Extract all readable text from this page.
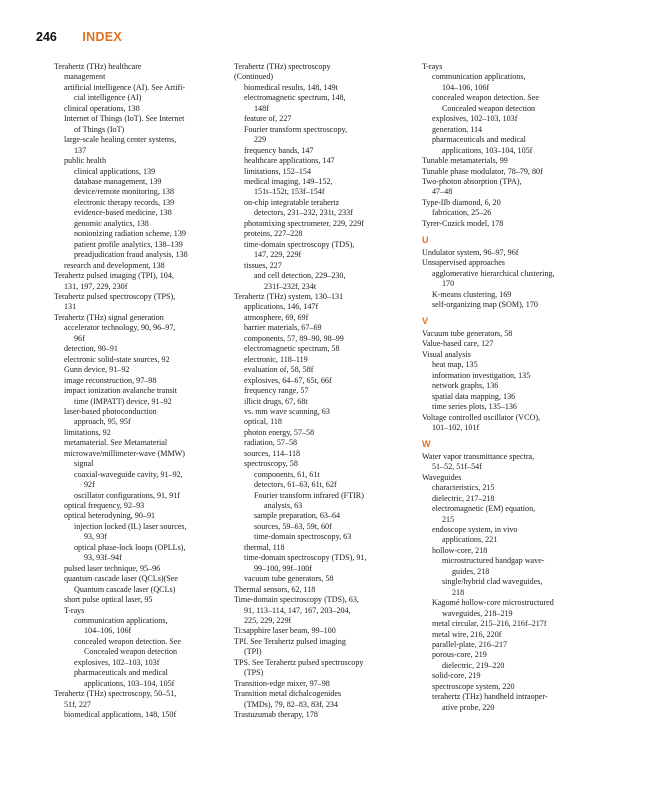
246 INDEX
Terahertz (THz) healthcare
management
artificial intelligence (AI). See Artifi-
cial intelligence (AI)
clinical operations, 138
Internet of Things (IoT). See Internet
of Things (IoT)
large-scale healing center systems,
137
public health
clinical applications, 139
database management, 139
device/remote monitoring, 138
electronic therapy records, 139
evidence-based medicine, 138
genomic analytics, 138
nonionizing radiation scheme, 139
patient profile analytics, 138–139
preadjudication fraud analysis, 138
research and development, 138
Terahertz pulsed imaging (TPI), 104,
131, 197, 229, 230f
Terahertz pulsed spectroscopy (TPS),
131
Terahertz (THz) signal generation
accelerator technology, 90, 96–97,
96f
detection, 90–91
electronic solid-state sources, 92
Gunn device, 91–92
image reconstruction, 97–98
impact ionization avalanche transit
time (IMPATT) device, 91–92
laser-based photoconduction
approach, 95, 95f
limitations, 92
metamaterial. See Metamaterial
microwave/millimeter-wave (MMW)
signal
coaxial-waveguide cavity, 91–92,
92f
oscillator configurations, 91, 91f
optical frequency, 92–93
optical heterodyning, 90–91
injection locked (IL) laser sources,
93, 93f
optical phase-lock loops (OPLLs),
93, 93f–94f
pulsed laser technique, 95–96
quantum cascade laser (QCLs)(See
Quantum cascade laser (QCLs)
short pulse optical laser, 95
T-rays
communication applications,
104–106, 106f
concealed weapon detection. See
Concealed weapon detection
explosives, 102–103, 103f
pharmaceuticals and medical
applications, 103–104, 105f
Terahertz (THz) spectroscopy, 50–51,
51f, 227
biomedical applications, 148, 150f
Terahertz (THz) spectroscopy
(Continued)
biomedical results, 148, 149t
electromagnetic spectrum, 148,
148f
feature of, 227
Fourier transform spectroscopy,
229
frequency bands, 147
healthcare applications, 147
limitations, 152–154
medical imaging, 149–152,
151t–152t, 153f–154f
on-chip integratable terahertz
detectors, 231–232, 231t, 233f
photomixing spectrometer, 229, 229f
proteins, 227–228
time-domain spectroscopy (TDS),
147, 229, 229f
tissues, 227
and cell detection, 229–230,
231f–232f, 234t
Terahertz (THz) system, 130–131
applications, 146, 147f
atmosphere, 69, 69f
barrier materials, 67–69
components, 57, 89–90, 98–99
electromagnetic spectrum, 58
electronic, 118–119
evaluation of, 58, 58f
explosives, 64–67, 65t, 66f
frequency range, 57
illicit drugs, 67, 68t
vs. mm wave scanning, 63
optical, 118
photon energy, 57–58
radiation, 57–58
sources, 114–118
spectroscopy, 58
components, 61, 61t
detectors, 61–63, 61t, 62f
Fourier transform infrared (FTIR)
analysis, 63
sample preparation, 63–64
sources, 59–63, 59t, 60f
time-domain spectroscopy, 63
thermal, 118
time-domain spectroscopy (TDS), 91,
99–100, 99f–100f
vacuum tube generators, 58
Thermal sensors, 62, 118
Time-domain spectroscopy (TDS), 63,
91, 113–114, 147, 167, 203–204,
225, 229, 229f
Ti:sapphire laser beam, 99–100
TPI. See Terahertz pulsed imaging
(TPI)
TPS. See Terahertz pulsed spectroscopy
(TPS)
Transition-edge mixer, 97–98
Transition metal dichalcogenides
(TMDs), 79, 82–83, 83f, 234
Trastuzumab therapy, 178
T-rays
communication applications,
104–106, 106f
concealed weapon detection. See
Concealed weapon detection
explosives, 102–103, 103f
generation, 114
pharmaceuticals and medical
applications, 103–104, 105f
Tunable metamaterials, 99
Tunable phase modulator, 78–79, 80f
Two-photon absorption (TPA),
47–48
Type-IIb diamond, 6, 20
fabrication, 25–26
Tyrer-Cuzick model, 178
U
Undulator system, 96–97, 96f
Unsupervised approaches
agglomerative hierarchical clustering,
170
K-means clustering, 169
self-organizing map (SOM), 170
V
Vacuum tube generators, 58
Value-based care, 127
Visual analysis
heat map, 135
information investigation, 135
network graphs, 136
spatial data mapping, 136
time series plots, 135–136
Voltage controlled oscillator (VCO),
101–102, 101f
W
Water vapor transmittance spectra,
51–52, 51f–54f
Waveguides
characteristics, 215
dielectric, 217–218
electromagnetic (EM) equation,
215
endoscope system, in vivo
applications, 221
hollow-core, 218
microstructured bandgap wave-
guides, 218
single/hybrid clad waveguides,
218
Kagomé hollow-core microstructured
waveguides, 218–219
metal circular, 215–216, 216f–217f
metal wire, 216, 220f
parallel-plate, 216–217
porous-core, 219
dielectric, 219–220
solid-core, 219
spectroscope system, 220
terahertz (THz) handheld intraoper-
ative probe, 220
